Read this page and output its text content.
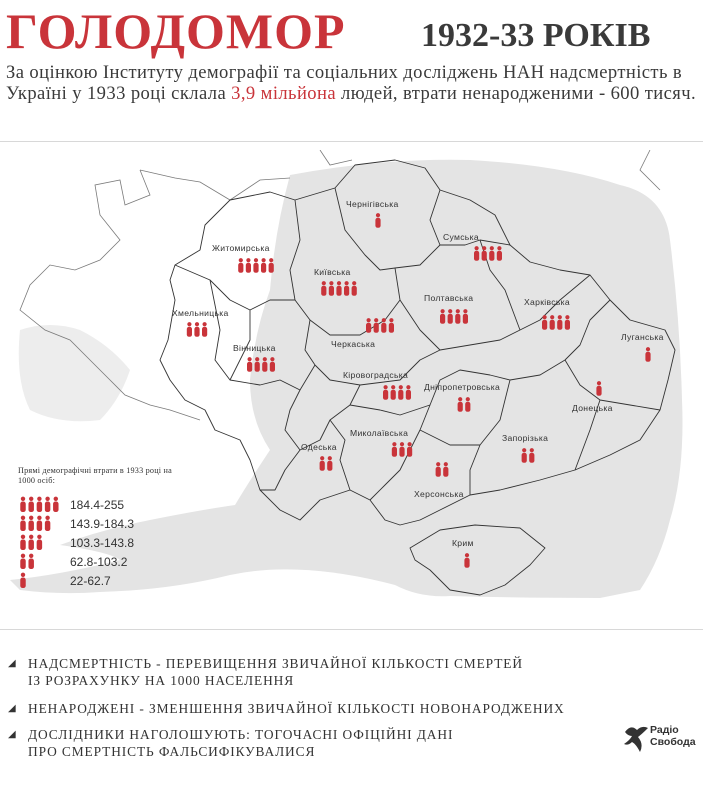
ГОЛОДОМОР 1932-33 РОКІВ
За оцінкою Інституту демографії та соціальних досліджень НАН надсмертність в Україні у 1933 році склала 3,9 мільйона людей, втрати ненародженими - 600 тисяч.
Чернігівська
Сумська
Житомирська
Київська
Хмельницька
Вінницька	Черкаська
Полтавська	Харківська
Луганська
Кіровоградська
Дніпропетровська
Донецька
Одеська
Миколаївська	Запорізька
Херсонська
Крим
Прямі демографічні втрати в 1933 році на 1000 осіб:
184.4-255
143.9-184.3
103.3-143.8
62.8-103.2
22-62.7
◢ НАДСМЕРТНІСТЬ - ПЕРЕВИЩЕННЯ ЗВИЧАЙНОЇ КІЛЬКОСТІ СМЕРТЕЙ
ІЗ РОЗРАХУНКУ НА 1000 НАСЕЛЕННЯ
◢ НЕНАРОДЖЕНІ - ЗМЕНШЕННЯ ЗВИЧАЙНОЇ КІЛЬКОСТІ НОВОНАРОДЖЕНИХ
◢ ДОСЛІДНИКИ НАГОЛОШУЮТЬ: ТОГОЧАСНІ ОФІЦІЙНІ ДАНІ
ПРО СМЕРТНІСТЬ ФАЛЬСИФІКУВАЛИСЯ
Радіо
Свобода
